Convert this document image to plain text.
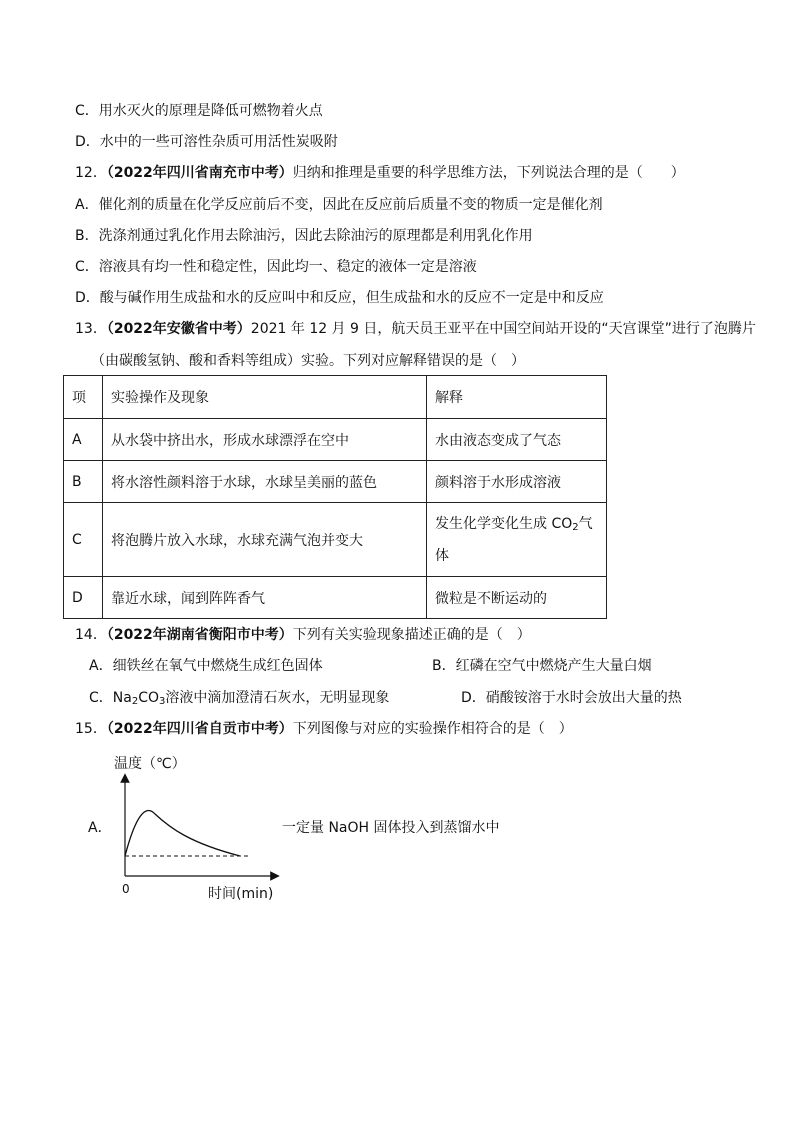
C．用水灭火的原理是降低可燃物着火点
D．水中的一些可溶性杂质可用活性炭吸附
12．（2022年四川省南充市中考）归纳和推理是重要的科学思维方法，下列说法合理的是（　　）
A．催化剂的质量在化学反应前后不变，因此在反应前后质量不变的物质一定是催化剂
B．洗涤剂通过乳化作用去除油污，因此去除油污的原理都是利用乳化作用
C．溶液具有均一性和稳定性，因此均一、稳定的液体一定是溶液
D．酸与碱作用生成盐和水的反应叫中和反应，但生成盐和水的反应不一定是中和反应
13．（2022年安徽省中考）2021 年 12 月 9 日，航天员王亚平在中国空间站开设的“天宫课堂”进行了泡腾片
（由碳酸氢钠、酸和香料等组成）实验。下列对应解释错误的是（　）
项	实验操作及现象	解释
A	从水袋中挤出水，形成水球漂浮在空中	水由液态变成了气态
B	将水溶性颜料溶于水球，水球呈美丽的蓝色	颜料溶于水形成溶液
C	将泡腾片放入水球，水球充满气泡并变大	发生化学变化生成 $CO_2$气
体
D	靠近水球，闻到阵阵香气	微粒是不断运动的
14．（2022年湖南省衡阳市中考）下列有关实验现象描述正确的是（　）
A．细铁丝在氧气中燃烧生成红色固体	B．红磷在空气中燃烧产生大量白烟
C．$Na_2CO_3$溶液中滴加澄清石灰水，无明显现象	D．硝酸铵溶于水时会放出大量的热
15．（2022年四川省自贡市中考）下列图像与对应的实验操作相符合的是（　）
A．	一定量 NaOH 固体投入到蒸馏水中
温度（℃）
0	时间(min)
